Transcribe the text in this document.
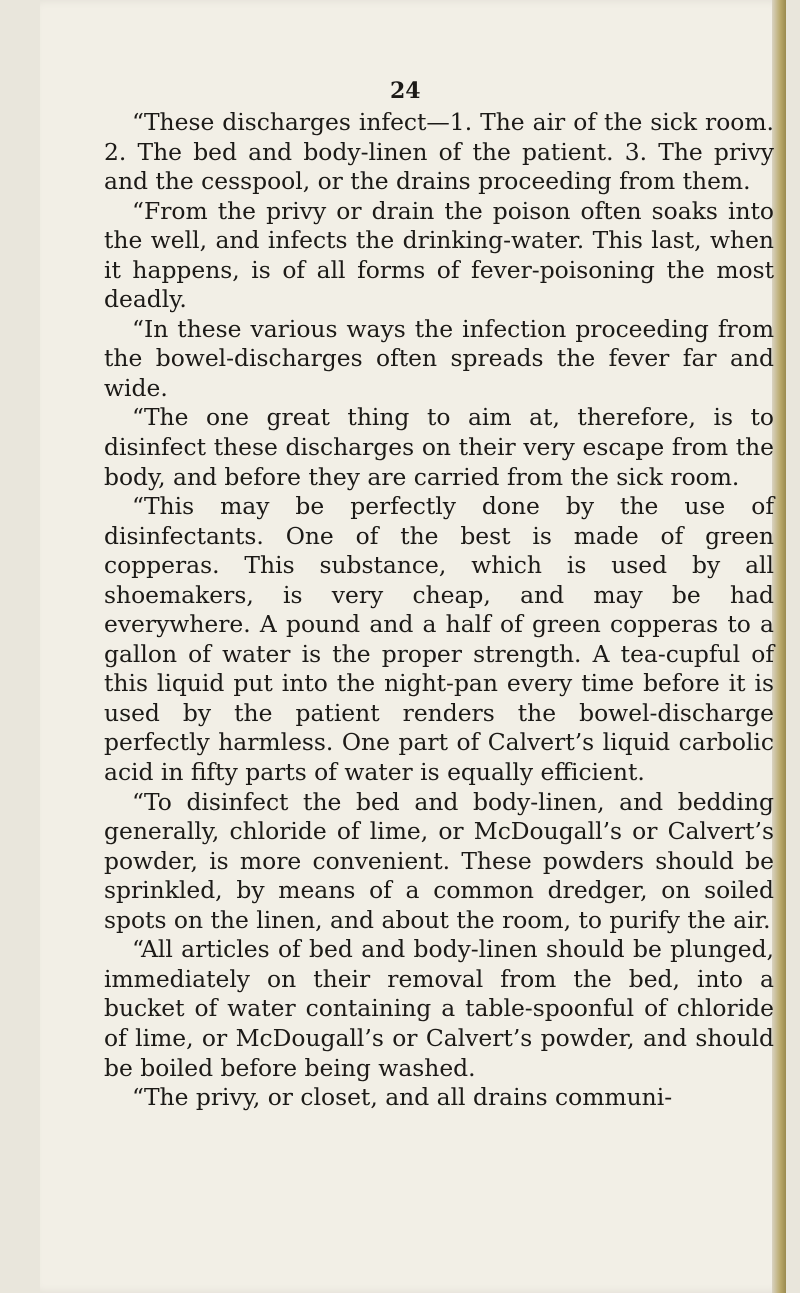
24

“These discharges infect—1. The air of the sick room. 2. The bed and body-linen of the patient. 3. The privy and the cesspool, or the drains proceeding from them.

“From the privy or drain the poison often soaks into the well, and infects the drinking-water. This last, when it happens, is of all forms of fever-poisoning the most deadly.

“In these various ways the infection proceeding from the bowel-discharges often spreads the fever far and wide.

“The one great thing to aim at, therefore, is to disinfect these discharges on their very escape from the body, and before they are carried from the sick room.

“This may be perfectly done by the use of disinfectants. One of the best is made of green copperas. This substance, which is used by all shoemakers, is very cheap, and may be had everywhere. A pound and a half of green copperas to a gallon of water is the proper strength. A tea-cupful of this liquid put into the night-pan every time before it is used by the patient renders the bowel-discharge perfectly harmless. One part of Calvert’s liquid carbolic acid in fifty parts of water is equally efficient.

“To disinfect the bed and body-linen, and bedding generally, chloride of lime, or McDougall’s or Calvert’s powder, is more convenient. These powders should be sprinkled, by means of a common dredger, on soiled spots on the linen, and about the room, to purify the air.

“All articles of bed and body-linen should be plunged, immediately on their removal from the bed, into a bucket of water containing a table-spoonful of chloride of lime, or McDougall’s or Calvert’s powder, and should be boiled before being washed.

“The privy, or closet, and all drains communi-
